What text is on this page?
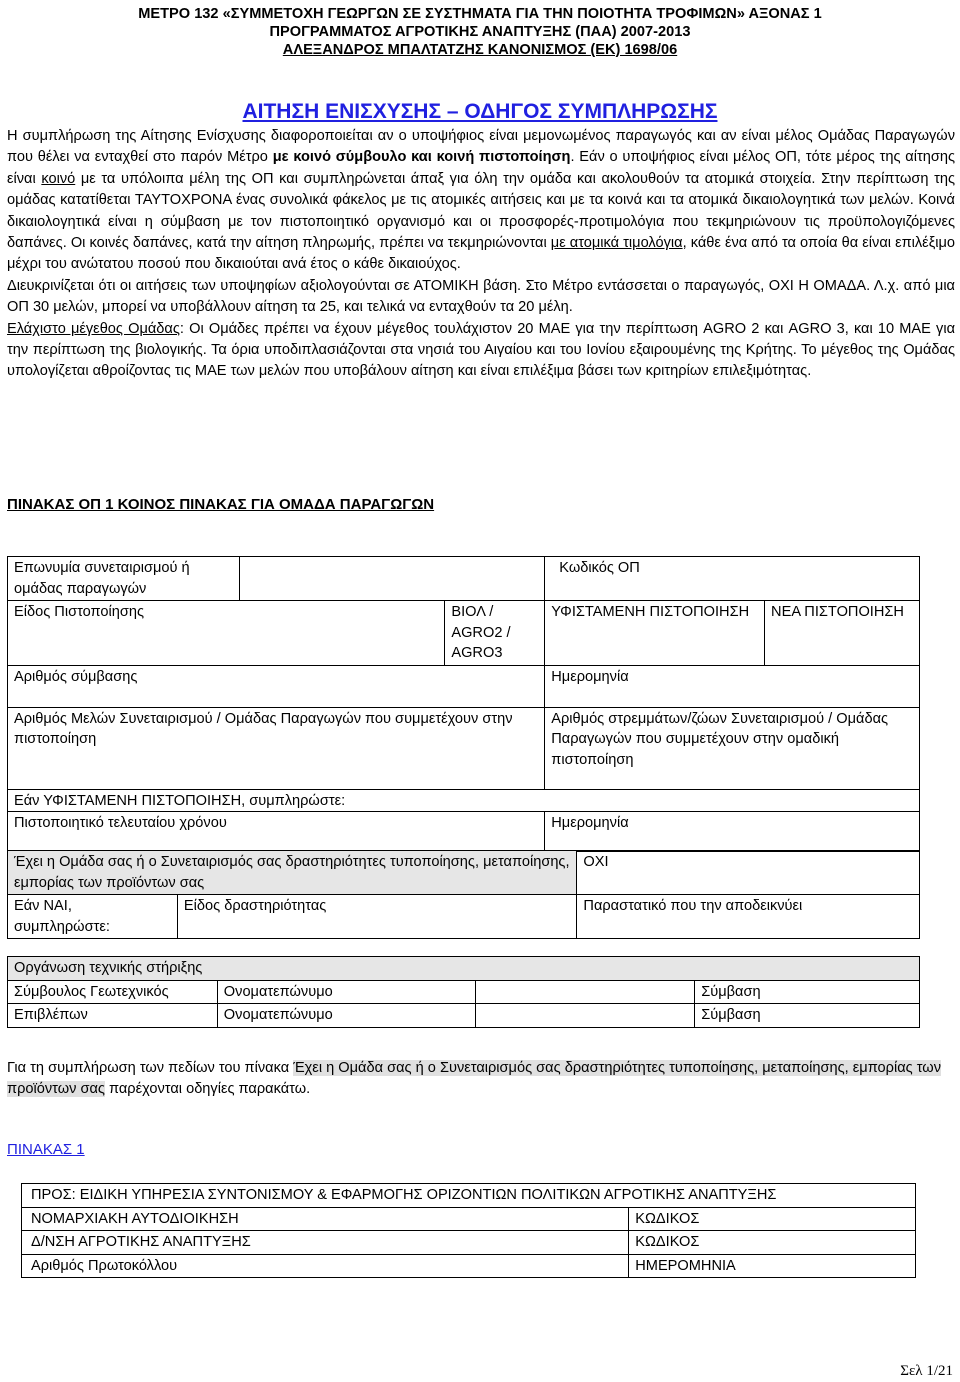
ΜΕΤΡΟ 132 «ΣΥΜΜΕΤΟΧΗ ΓΕΩΡΓΩΝ ΣΕ ΣΥΣΤΗΜΑΤΑ ΓΙΑ ΤΗΝ ΠΟΙΟΤΗΤΑ ΤΡΟΦΙΜΩΝ» ΑΞΟΝΑΣ 1
ΠΡΟΓΡΑΜΜΑΤΟΣ ΑΓΡΟΤΙΚΗΣ ΑΝΑΠΤΥΞΗΣ (ΠΑΑ) 2007-2013
ΑΛΕΞΑΝΔΡΟΣ ΜΠΑΛΤΑΤΖΗΣ ΚΑΝΟΝΙΣΜΟΣ (ΕΚ) 1698/06
ΑΙΤΗΣΗ ΕΝΙΣΧΥΣΗΣ – ΟΔΗΓΟΣ ΣΥΜΠΛΗΡΩΣΗΣ

Η συμπλήρωση της Αίτησης Ενίσχυσης διαφοροποιείται αν ο υποψήφιος είναι μεμονωμένος παραγωγός και αν είναι μέλος Ομάδας Παραγωγών που θέλει να ενταχθεί στο παρόν Μέτρο με κοινό σύμβουλο και κοινή πιστοποίηση. Εάν ο υποψήφιος είναι μέλος ΟΠ, τότε μέρος της αίτησης είναι κοινό με τα υπόλοιπα μέλη της ΟΠ και συμπληρώνεται άπαξ για όλη την ομάδα και ακολουθούν τα ατομικά στοιχεία. Στην περίπτωση της ομάδας κατατίθεται ΤΑΥΤΟΧΡΟΝΑ ένας συνολικά φάκελος με τις ατομικές αιτήσεις και με τα κοινά και τα ατομικά δικαιολογητικά των μελών. Κοινά δικαιολογητικά είναι η σύμβαση με τον πιστοποιητικό οργανισμό και οι προσφορές-προτιμολόγια που τεκμηριώνουν τις προϋπολογιζόμενες δαπάνες. Οι κοινές δαπάνες, κατά την αίτηση πληρωμής, πρέπει να τεκμηριώνονται με ατομικά τιμολόγια, κάθε ένα από τα οποία θα είναι επιλέξιμο μέχρι του ανώτατου ποσού που δικαιούται ανά έτος ο κάθε δικαιούχος.

Διευκρινίζεται ότι οι αιτήσεις των υποψηφίων αξιολογούνται σε ΑΤΟΜΙΚΗ βάση. Στο Μέτρο εντάσσεται ο παραγωγός, ΟΧΙ Η ΟΜΑΔΑ. Λ.χ. από μια ΟΠ 30 μελών, μπορεί να υποβάλλουν αίτηση τα 25, και τελικά να ενταχθούν τα 20 μέλη.

Ελάχιστο μέγεθος Ομάδας: Οι Ομάδες πρέπει να έχουν μέγεθος τουλάχιστον 20 ΜΑΕ για την περίπτωση AGRO 2 και AGRO 3, και 10 ΜΑΕ για την περίπτωση της βιολογικής. Τα όρια υποδιπλασιάζονται στα νησιά του Αιγαίου και του Ιονίου εξαιρουμένης της Κρήτης. Το μέγεθος της Ομάδας υπολογίζεται αθροίζοντας τις ΜΑΕ των μελών που υποβάλουν αίτηση και είναι επιλέξιμα βάσει των κριτηρίων επιλεξιμότητας.

ΠΙΝΑΚΑΣ ΟΠ 1 ΚΟΙΝΟΣ ΠΙΝΑΚΑΣ ΓΙΑ ΟΜΑΔΑ ΠΑΡΑΓΩΓΩΝ
Επωνυμία συνεταιρισμού ή ομάδας παραγωγών			Κωδικός ΟΠ	
Είδος Πιστοποίησης		ΒΙΟΛ / AGRO2 / AGRO3	ΥΦΙΣΤΑΜΕΝΗ ΠΙΣΤΟΠΟΙΗΣΗ	ΝΕΑ ΠΙΣΤΟΠΟΙΗΣΗ
Αριθμός σύμβασης			Ημερομηνία	
Αριθμός Μελών Συνεταιρισμού / Ομάδας Παραγωγών που συμμετέχουν στην πιστοποίηση			Αριθμός στρεμμάτων/ζώων Συνεταιρισμού / Ομάδας Παραγωγών που συμμετέχουν στην ομαδική πιστοποίηση	
Εάν ΥΦΙΣΤΑΜΕΝΗ ΠΙΣΤΟΠΟΙΗΣΗ, συμπληρώστε:				
Πιστοποιητικό τελευταίου χρόνου			Ημερομηνία	
Έχει η Ομάδα σας ή ο Συνεταιρισμός σας δραστηριότητες τυποποίησης, μεταποίησης, εμπορίας των προϊόντων σας		ΟΧΙ
Εάν ΝΑΙ, συμπληρώστε:	Είδος δραστηριότητας	Παραστατικό που την αποδεικνύει
Οργάνωση τεχνικής στήριξης			
Σύμβουλος Γεωτεχνικός	Ονοματεπώνυμο		Σύμβαση
Επιβλέπων	Ονοματεπώνυμο		Σύμβαση
Για τη συμπλήρωση των πεδίων του πίνακα Έχει η Ομάδα σας ή ο Συνεταιρισμός σας δραστηριότητες τυποποίησης, μεταποίησης, εμπορίας των προϊόντων σας παρέχονται οδηγίες παρακάτω.
ΠΙΝΑΚΑΣ 1
ΠΡΟΣ: ΕΙΔΙΚΗ ΥΠΗΡΕΣΙΑ ΣΥΝΤΟΝΙΣΜΟΥ & ΕΦΑΡΜΟΓΗΣ ΟΡΙΖΟΝΤΙΩΝ ΠΟΛΙΤΙΚΩΝ ΑΓΡΟΤΙΚΗΣ ΑΝΑΠΤΥΞΗΣ	
ΝΟΜΑΡΧΙΑΚΗ ΑΥΤΟΔΙΟΙΚΗΣΗ	ΚΩΔΙΚΟΣ
Δ/ΝΣΗ ΑΓΡΟΤΙΚΗΣ ΑΝΑΠΤΥΞΗΣ	ΚΩΔΙΚΟΣ
Αριθμός Πρωτοκόλλου	ΗΜΕΡΟΜΗΝΙΑ
Σελ 1/21
